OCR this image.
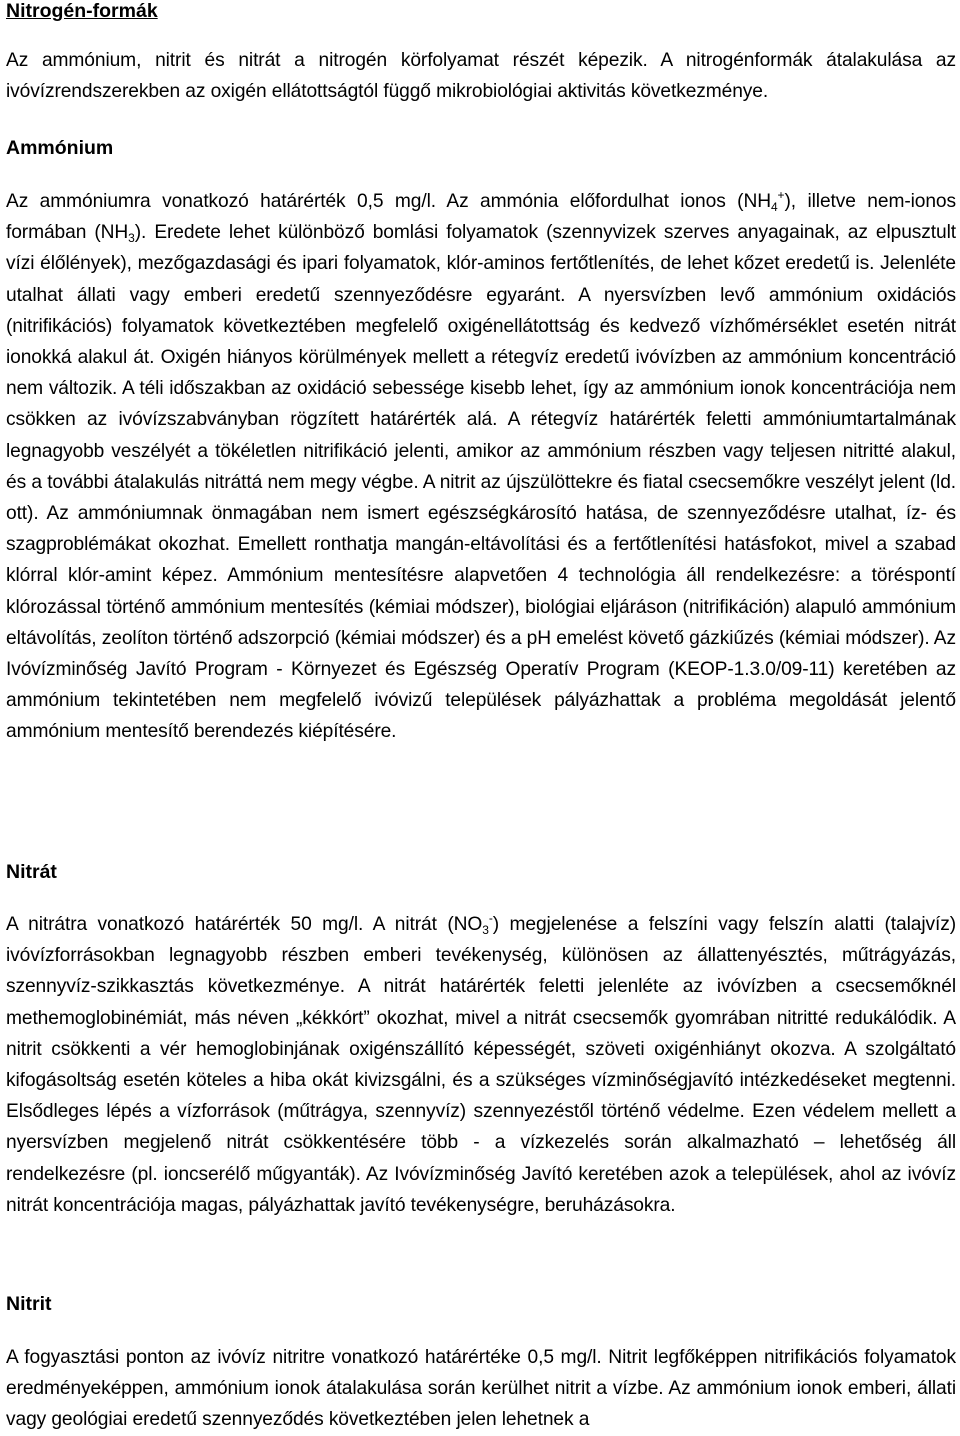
Nitrogén-formák

Az ammónium, nitrit és nitrát a nitrogén körfolyamat részét képezik. A nitrogénformák átalakulása az ivóvízrendszerekben az oxigén ellátottságtól függő mikrobiológiai aktivitás következménye.

Ammónium

Az ammóniumra vonatkozó határérték 0,5 mg/l. Az ammónia előfordulhat ionos $(NH_4^+)$, illetve nem-ionos formában $(NH_3)$. Eredete lehet különböző bomlási folyamatok (szennyvizek szerves anyagainak, az elpusztult vízi élőlények), mezőgazdasági és ipari folyamatok, klór-aminos fertőtlenítés, de lehet kőzet eredetű is. Jelenléte utalhat állati vagy emberi eredetű szennyeződésre egyaránt. A nyersvízben levő ammónium oxidációs (nitrifikációs) folyamatok következtében megfelelő oxigénellátottság és kedvező vízhőmérséklet esetén nitrát ionokká alakul át. Oxigén hiányos körülmények mellett a rétegvíz eredetű ivóvízben az ammónium koncentráció nem változik. A téli időszakban az oxidáció sebessége kisebb lehet, így az ammónium ionok koncentrációja nem csökken az ivóvízszabványban rögzített határérték alá. A rétegvíz határérték feletti ammóniumtartalmának legnagyobb veszélyét a tökéletlen nitrifikáció jelenti, amikor az ammónium részben vagy teljesen nitritté alakul, és a további átalakulás nitráttá nem megy végbe. A nitrit az újszülöttekre és fiatal csecsemőkre veszélyt jelent (ld. ott). Az ammóniumnak önmagában nem ismert egészségkárosító hatása, de szennyeződésre utalhat, íz- és szagproblémákat okozhat. Emellett ronthatja mangán-eltávolítási és a fertőtlenítési hatásfokot, mivel a szabad klórral klór-amint képez. Ammónium mentesítésre alapvetően 4 technológia áll rendelkezésre: a töréspontí klórozással történő ammónium mentesítés (kémiai módszer), biológiai eljáráson (nitrifikáción) alapuló ammónium eltávolítás, zeolíton történő adszorpció (kémiai módszer) és a pH emelést követő gázkiűzés (kémiai módszer). Az Ivóvízminőség Javító Program - Környezet és Egészség Operatív Program (KEOP-1.3.0/09-11) keretében az ammónium tekintetében nem megfelelő ivóvizű települések pályázhattak a probléma megoldását jelentő ammónium mentesítő berendezés kiépítésére.

Nitrát

A nitrátra vonatkozó határérték 50 mg/l. A nitrát $(NO_3^-)$ megjelenése a felszíni vagy felszín alatti (talajvíz) ivóvízforrásokban legnagyobb részben emberi tevékenység, különösen az állattenyésztés, műtrágyázás, szennyvíz-szikkasztás következménye. A nitrát határérték feletti jelenléte az ivóvízben a csecsemőknél methemoglobinémiát, más néven „kékkórt” okozhat, mivel a nitrát csecsemők gyomrában nitritté redukálódik. A nitrit csökkenti a vér hemoglobinjának oxigénszállító képességét, szöveti oxigénhiányt okozva. A szolgáltató kifogásoltság esetén köteles a hiba okát kivizsgálni, és a szükséges vízminőségjavító intézkedéseket megtenni. Elsődleges lépés a vízforrások (műtrágya, szennyvíz) szennyezéstől történő védelme. Ezen védelem mellett a nyersvízben megjelenő nitrát csökkentésére több - a vízkezelés során alkalmazható – lehetőség áll rendelkezésre (pl. ioncserélő műgyanták). Az Ivóvízminőség Javító keretében azok a települések, ahol az ivóvíz nitrát koncentrációja magas, pályázhattak javító tevékenységre, beruházásokra.

Nitrit

A fogyasztási ponton az ivóvíz nitritre vonatkozó határértéke 0,5 mg/l. Nitrit legfőképpen nitrifikációs folyamatok eredményeképpen, ammónium ionok átalakulása során kerülhet nitrit a vízbe. Az ammónium ionok emberi, állati vagy geológiai eredetű szennyeződés következtében jelen lehetnek a
